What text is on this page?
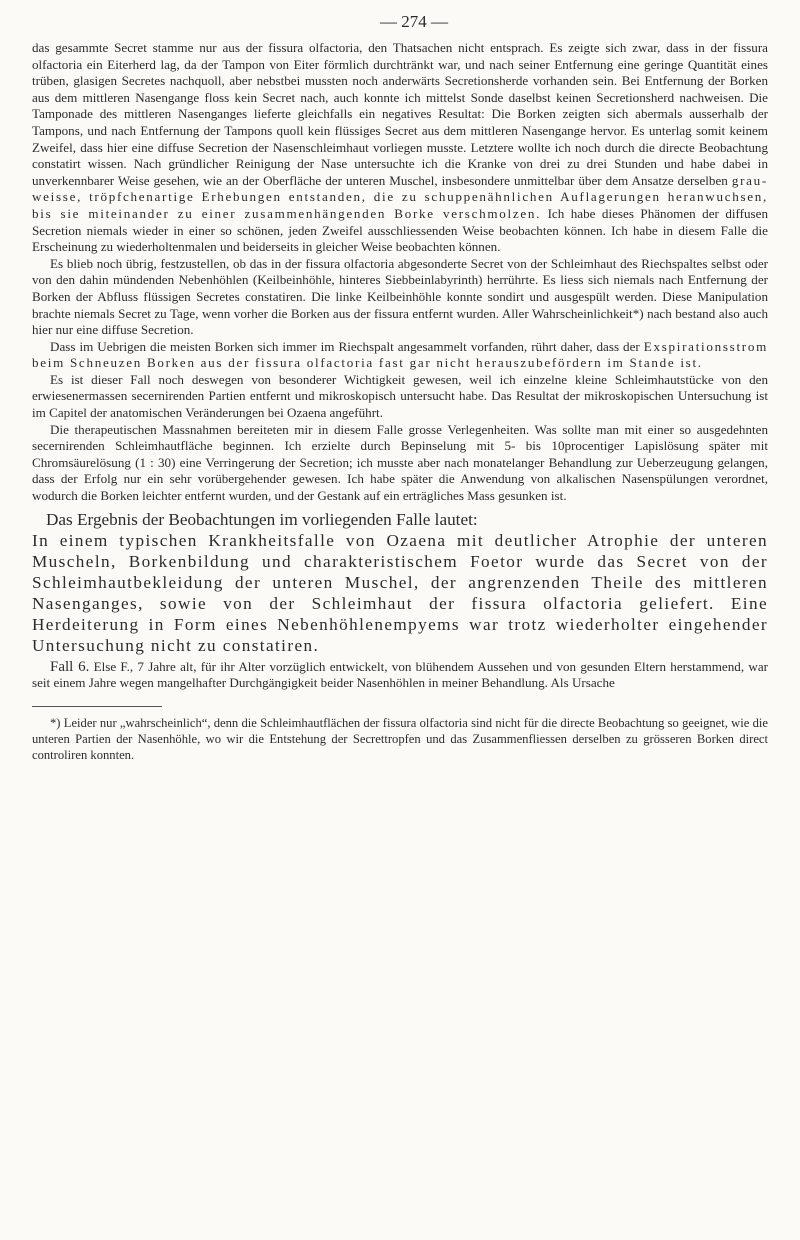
— 274 —

das gesammte Secret stamme nur aus der fissura olfactoria, den Thatsachen nicht entsprach. Es zeigte sich zwar, dass in der fissura olfactoria ein Eiterherd lag, da der Tampon von Eiter förmlich durchtränkt war, und nach seiner Entfernung eine geringe Quantität eines trüben, glasigen Secretes nachquoll, aber nebstbei mussten noch anderwärts Secretionsherde vorhanden sein. Bei Entfernung der Borken aus dem mittleren Nasengange floss kein Secret nach, auch konnte ich mittelst Sonde daselbst keinen Secretionsherd nachweisen. Die Tamponade des mittleren Nasenganges lieferte gleichfalls ein negatives Resultat: Die Borken zeigten sich abermals ausserhalb der Tampons, und nach Entfernung der Tampons quoll kein flüssiges Secret aus dem mittleren Nasengange hervor. Es unterlag somit keinem Zweifel, dass hier eine diffuse Secretion der Nasenschleimhaut vorliegen musste. Letztere wollte ich noch durch die directe Beobachtung constatirt wissen. Nach gründlicher Reinigung der Nase untersuchte ich die Kranke von drei zu drei Stunden und habe dabei in unverkennbarer Weise gesehen, wie an der Oberfläche der unteren Muschel, insbesondere unmittelbar über dem Ansatze derselben grau-weisse, tröpfchenartige Erhebungen entstanden, die zu schuppenähnlichen Auflagerungen heranwuchsen, bis sie miteinander zu einer zusammenhängenden Borke verschmolzen. Ich habe dieses Phänomen der diffusen Secretion niemals wieder in einer so schönen, jeden Zweifel ausschliessenden Weise beobachten können. Ich habe in diesem Falle die Erscheinung zu wiederholtenmalen und beiderseits in gleicher Weise beobachten können.

Es blieb noch übrig, festzustellen, ob das in der fissura olfactoria abgesonderte Secret von der Schleimhaut des Riechspaltes selbst oder von den dahin mündenden Nebenhöhlen (Keilbeinhöhle, hinteres Siebbeinlabyrinth) herrührte. Es liess sich niemals nach Entfernung der Borken der Abfluss flüssigen Secretes constatiren. Die linke Keilbeinhöhle konnte sondirt und ausgespült werden. Diese Manipulation brachte niemals Secret zu Tage, wenn vorher die Borken aus der fissura entfernt wurden. Aller Wahrscheinlichkeit*) nach bestand also auch hier nur eine diffuse Secretion.

Dass im Uebrigen die meisten Borken sich immer im Riechspalt angesammelt vorfanden, rührt daher, dass der Exspirationsstrom beim Schneuzen Borken aus der fissura olfactoria fast gar nicht herauszubefördern im Stande ist.

Es ist dieser Fall noch deswegen von besonderer Wichtigkeit gewesen, weil ich einzelne kleine Schleimhautstücke von den erwiesenermassen secernirenden Partien entfernt und mikroskopisch untersucht habe. Das Resultat der mikroskopischen Untersuchung ist im Capitel der anatomischen Veränderungen bei Ozaena angeführt.

Die therapeutischen Massnahmen bereiteten mir in diesem Falle grosse Verlegenheiten. Was sollte man mit einer so ausgedehnten secernirenden Schleimhautfläche beginnen. Ich erzielte durch Bepinselung mit 5- bis 10procentiger Lapislösung später mit Chromsäurelösung (1 : 30) eine Verringerung der Secretion; ich musste aber nach monatelanger Behandlung zur Ueberzeugung gelangen, dass der Erfolg nur ein sehr vorübergehender gewesen. Ich habe später die Anwendung von alkalischen Nasenspülungen verordnet, wodurch die Borken leichter entfernt wurden, und der Gestank auf ein erträgliches Mass gesunken ist.

Das Ergebnis der Beobachtungen im vorliegenden Falle lautet:

In einem typischen Krankheitsfalle von Ozaena mit deutlicher Atrophie der unteren Muscheln, Borkenbildung und charakteristischem Foetor wurde das Secret von der Schleimhautbekleidung der unteren Muschel, der angrenzenden Theile des mittleren Nasenganges, sowie von der Schleimhaut der fissura olfactoria geliefert. Eine Herdeiterung in Form eines Nebenhöhlenempyems war trotz wiederholter eingehender Untersuchung nicht zu constatiren.

Fall 6. Else F., 7 Jahre alt, für ihr Alter vorzüglich entwickelt, von blühendem Aussehen und von gesunden Eltern herstammend, war seit einem Jahre wegen mangelhafter Durchgängigkeit beider Nasenhöhlen in meiner Behandlung. Als Ursache

*) Leider nur „wahrscheinlich“, denn die Schleimhautflächen der fissura olfactoria sind nicht für die directe Beobachtung so geeignet, wie die unteren Partien der Nasenhöhle, wo wir die Entstehung der Secrettropfen und das Zusammenfliessen derselben zu grösseren Borken direct controliren konnten.
